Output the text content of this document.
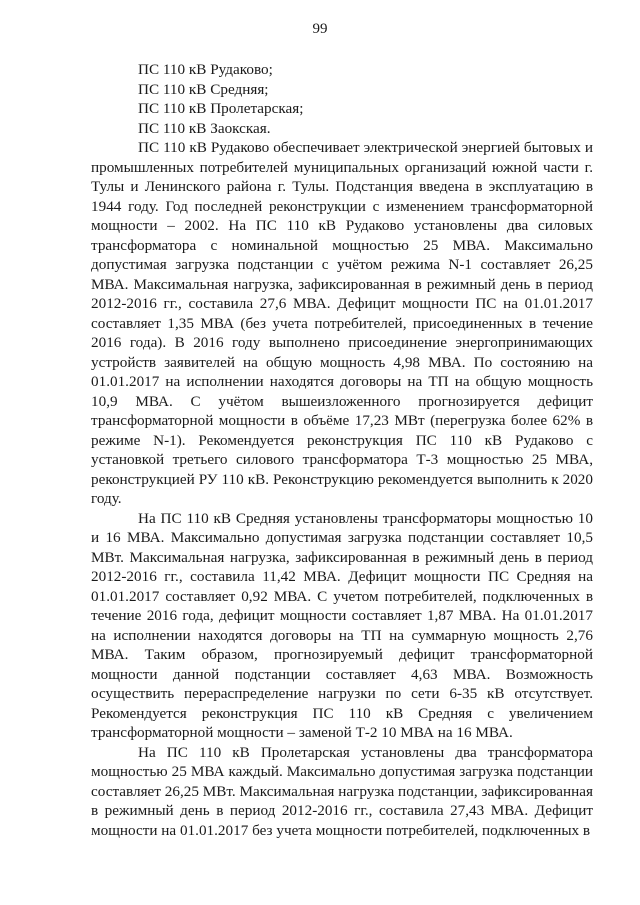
99

ПС 110 кВ Рудаково;

ПС 110 кВ Средняя;

ПС 110 кВ Пролетарская;

ПС 110 кВ Заокская.

ПС 110 кВ Рудаково обеспечивает электрической энергией бытовых и промышленных потребителей муниципальных организаций южной части г. Тулы и Ленинского района г. Тулы. Подстанция введена в эксплуатацию в 1944 году. Год последней реконструкции с изменением трансформаторной мощности – 2002. На ПС 110 кВ Рудаково установлены два силовых трансформатора с номинальной мощностью 25 МВА. Максимально допустимая загрузка подстанции с учётом режима N-1 составляет 26,25 МВА. Максимальная нагрузка, зафиксированная в режимный день в период 2012-2016 гг., составила 27,6 МВА. Дефицит мощности ПС на 01.01.2017 составляет 1,35 МВА (без учета потребителей, присоединенных в течение 2016 года). В 2016 году выполнено присоединение энергопринимающих устройств заявителей на общую мощность 4,98 МВА. По состоянию на 01.01.2017 на исполнении находятся договоры на ТП на общую мощность 10,9 МВА. С учётом вышеизложенного прогнозируется дефицит трансформаторной мощности в объёме 17,23 МВт (перегрузка более 62% в режиме N-1). Рекомендуется реконструкция ПС 110 кВ Рудаково с установкой третьего силового трансформатора Т-3 мощностью 25 МВА, реконструкцией РУ 110 кВ. Реконструкцию рекомендуется выполнить к 2020 году.

На ПС 110 кВ Средняя установлены трансформаторы мощностью 10 и 16 МВА. Максимально допустимая загрузка подстанции составляет 10,5 МВт. Максимальная нагрузка, зафиксированная в режимный день в период 2012-2016 гг., составила 11,42 МВА. Дефицит мощности ПС Средняя на 01.01.2017 составляет 0,92 МВА. С учетом потребителей, подключенных в течение 2016 года, дефицит мощности составляет 1,87 МВА. На 01.01.2017 на исполнении находятся договоры на ТП на суммарную мощность 2,76 МВА. Таким образом, прогнозируемый дефицит трансформаторной мощности данной подстанции составляет 4,63 МВА. Возможность осуществить перераспределение нагрузки по сети 6-35 кВ отсутствует. Рекомендуется реконструкция ПС 110 кВ Средняя с увеличением трансформаторной мощности – заменой Т-2 10 МВА на 16 МВА.

На ПС 110 кВ Пролетарская установлены два трансформатора мощностью 25 МВА каждый. Максимально допустимая загрузка подстанции составляет 26,25 МВт. Максимальная нагрузка подстанции, зафиксированная в режимный день в период 2012-2016 гг., составила 27,43 МВА. Дефицит мощности на 01.01.2017 без учета мощности потребителей, подключенных в
